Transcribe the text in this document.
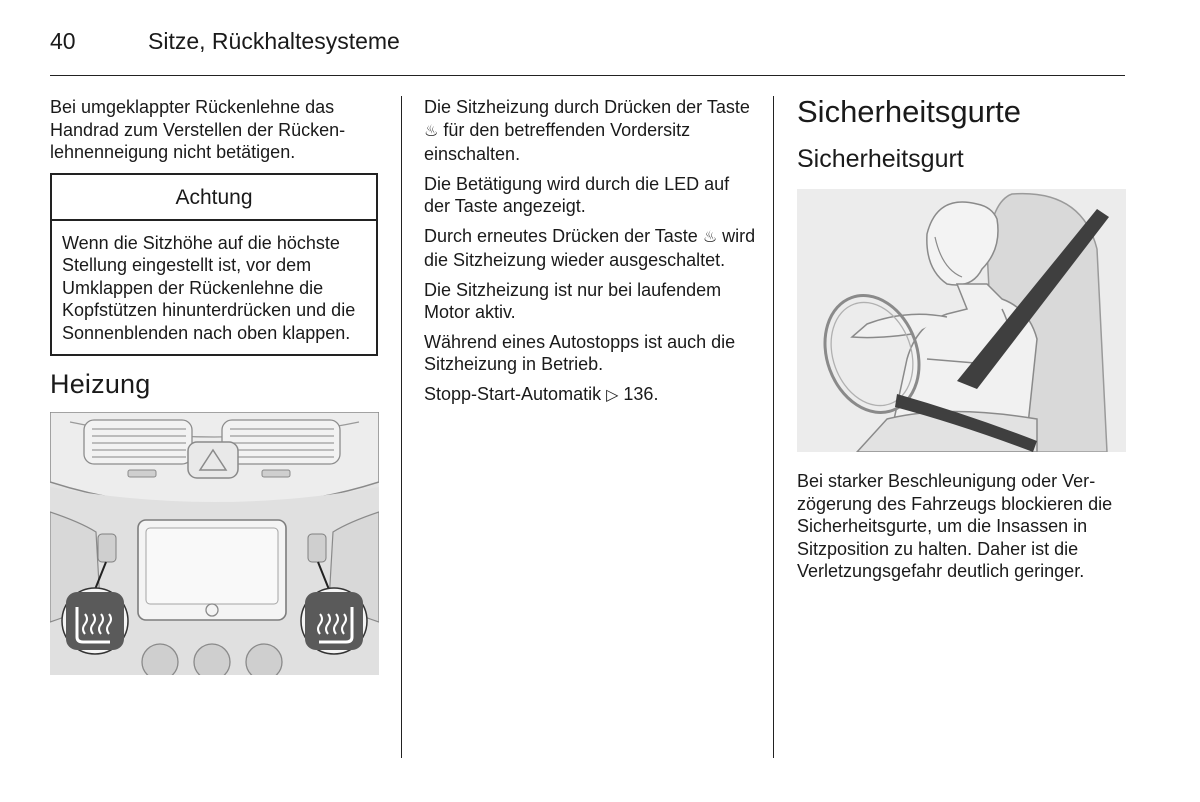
40	Sitze, Rückhaltesysteme

Bei umgeklappter Rückenlehne das Handrad zum Verstellen der Rückenlehnenneigung nicht betätigen.

Achtung

Wenn die Sitzhöhe auf die höchste Stellung eingestellt ist, vor dem Umklappen der Rückenlehne die Kopfstützen hinunterdrücken und die Sonnenblenden nach oben klappen.

Heizung

Die Sitzheizung durch Drücken der Taste ♨ für den betreffenden Vordersitz einschalten.

Die Betätigung wird durch die LED auf der Taste angezeigt.

Durch erneutes Drücken der Taste ♨ wird die Sitzheizung wieder ausgeschaltet.

Die Sitzheizung ist nur bei laufendem Motor aktiv.

Während eines Autostopps ist auch die Sitzheizung in Betrieb.

Stopp-Start-Automatik ▷ 136.

Sicherheitsgurte
Sicherheitsgurt

Bei starker Beschleunigung oder Verzögerung des Fahrzeugs blockieren die Sicherheitsgurte, um die Insassen in Sitzposition zu halten. Daher ist die Verletzungsgefahr deutlich geringer.
